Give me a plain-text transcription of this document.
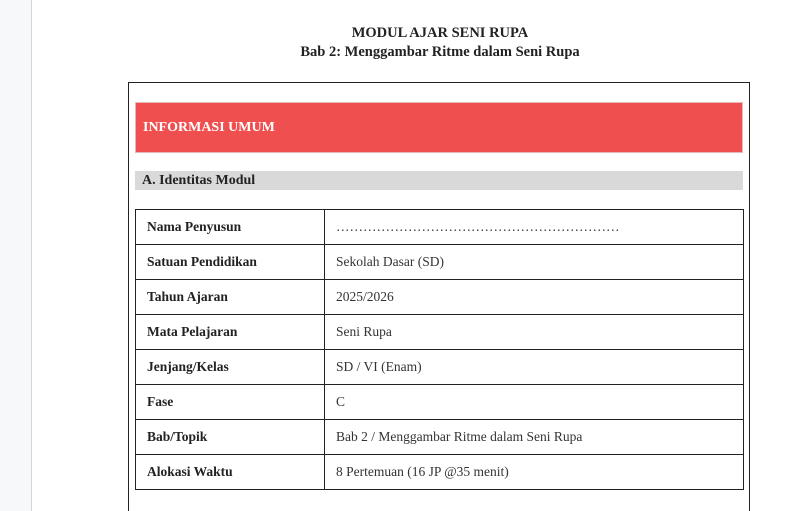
MODUL AJAR SENI RUPA
Bab 2: Menggambar Ritme dalam Seni Rupa
INFORMASI UMUM
A. Identitas Modul
Nama Penyusun	………………………………………………………
Satuan Pendidikan	Sekolah Dasar (SD)
Tahun Ajaran	2025/2026
Mata Pelajaran	Seni Rupa
Jenjang/Kelas	SD / VI (Enam)
Fase	C
Bab/Topik	Bab 2 / Menggambar Ritme dalam Seni Rupa
Alokasi Waktu	8 Pertemuan (16 JP @35 menit)
